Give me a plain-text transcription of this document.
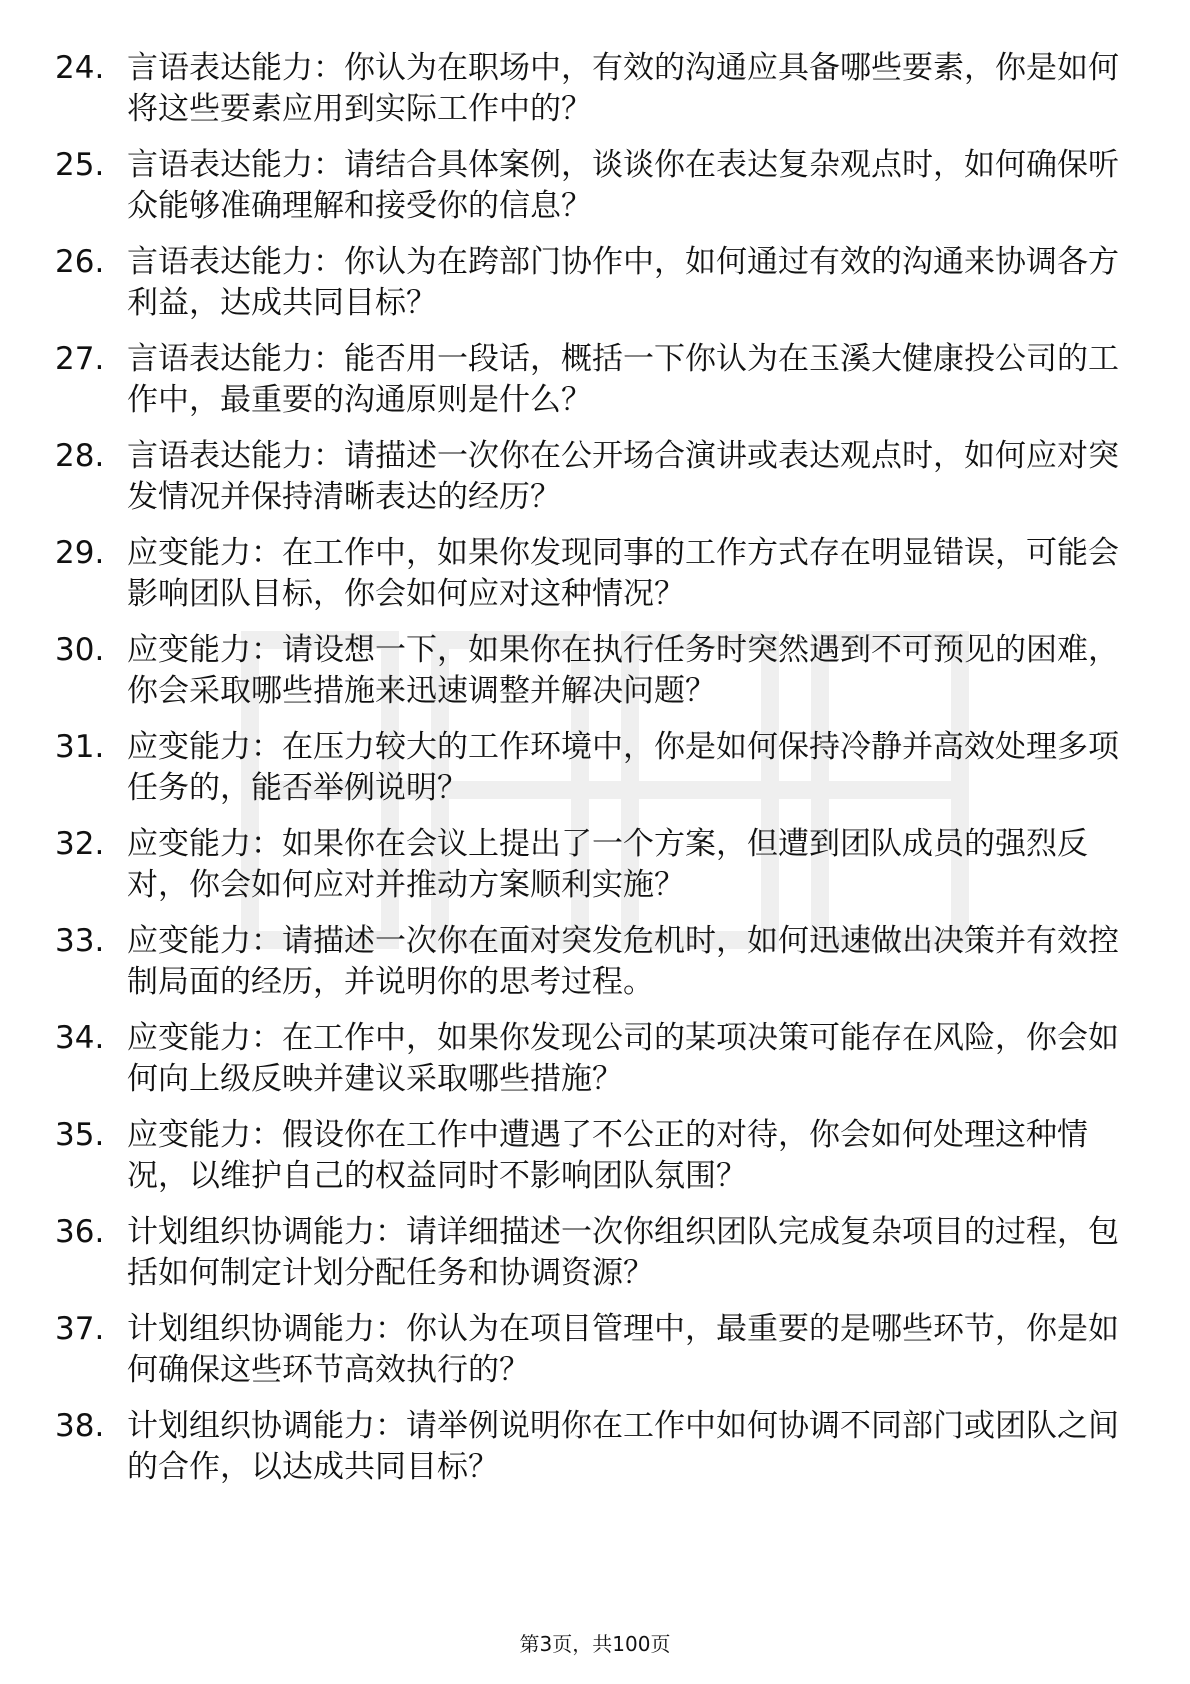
24. 言语表达能力：你认为在职场中，有效的沟通应具备哪些要素，你是如何将这些要素应用到实际工作中的？
25. 言语表达能力：请结合具体案例，谈谈你在表达复杂观点时，如何确保听众能够准确理解和接受你的信息？
26. 言语表达能力：你认为在跨部门协作中，如何通过有效的沟通来协调各方利益，达成共同目标？
27. 言语表达能力：能否用一段话，概括一下你认为在玉溪大健康投公司的工作中，最重要的沟通原则是什么？
28. 言语表达能力：请描述一次你在公开场合演讲或表达观点时，如何应对突发情况并保持清晰表达的经历？
29. 应变能力：在工作中，如果你发现同事的工作方式存在明显错误，可能会影响团队目标，你会如何应对这种情况？
30. 应变能力：请设想一下，如果你在执行任务时突然遇到不可预见的困难，你会采取哪些措施来迅速调整并解决问题？
31. 应变能力：在压力较大的工作环境中，你是如何保持冷静并高效处理多项任务的，能否举例说明？
32. 应变能力：如果你在会议上提出了一个方案，但遭到团队成员的强烈反对，你会如何应对并推动方案顺利实施？
33. 应变能力：请描述一次你在面对突发危机时，如何迅速做出决策并有效控制局面的经历，并说明你的思考过程。
34. 应变能力：在工作中，如果你发现公司的某项决策可能存在风险，你会如何向上级反映并建议采取哪些措施？
35. 应变能力：假设你在工作中遭遇了不公正的对待，你会如何处理这种情况，以维护自己的权益同时不影响团队氛围？
36. 计划组织协调能力：请详细描述一次你组织团队完成复杂项目的过程，包括如何制定计划分配任务和协调资源？
37. 计划组织协调能力：你认为在项目管理中，最重要的是哪些环节，你是如何确保这些环节高效执行的？
38. 计划组织协调能力：请举例说明你在工作中如何协调不同部门或团队之间的合作，以达成共同目标？
第3页，共100页
